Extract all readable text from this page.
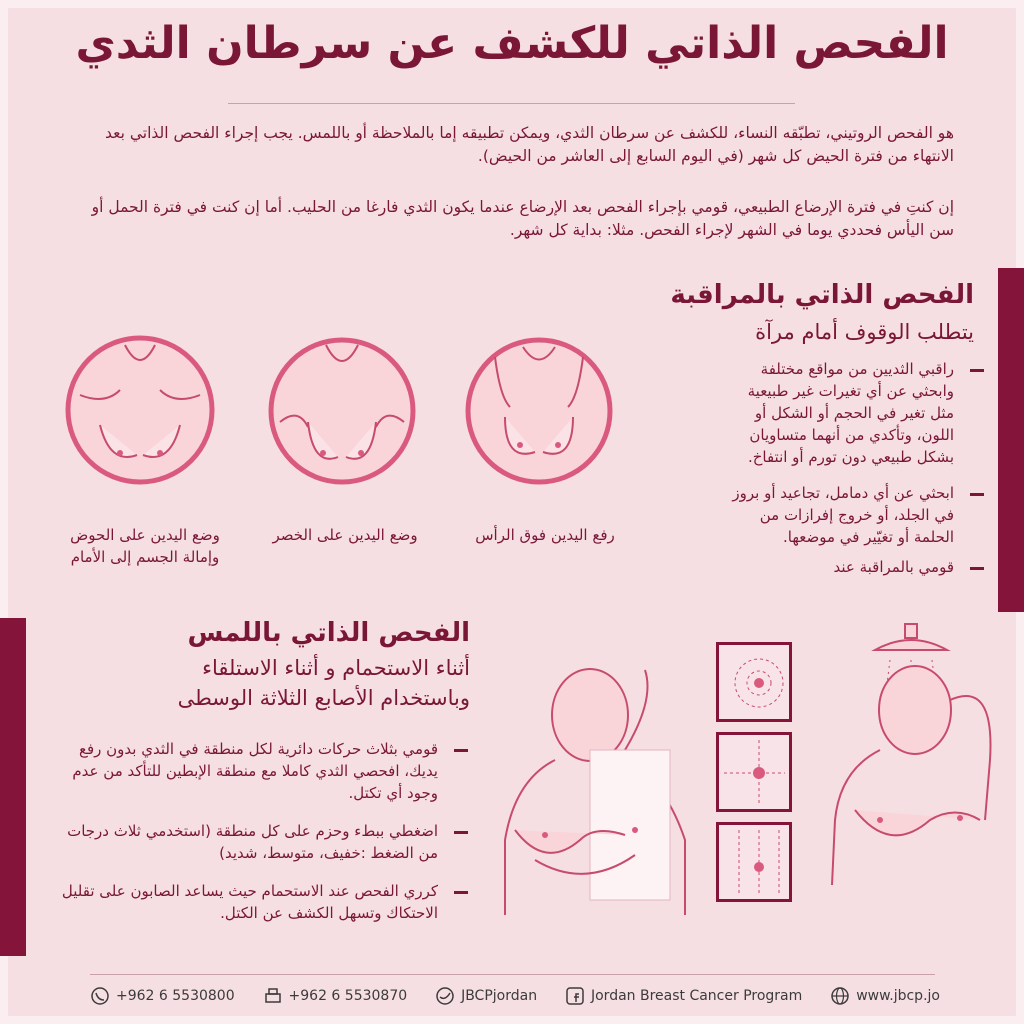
الفحص الذاتي للكشف عن سرطان الثدي
هو الفحص الروتيني، تطبّقه النساء، للكشف عن سرطان الثدي، ويمكن تطبيقه إما بالملاحظة أو باللمس. يجب إجراء الفحص الذاتي بعد الانتهاء من فترة الحيض كل شهر (في اليوم السابع إلى العاشر من الحيض).
إن كنتِ في فترة الإرضاع الطبيعي، قومي بإجراء الفحص بعد الإرضاع عندما يكون الثدي فارغا من الحليب. أما إن كنت في فترة الحمل أو سن اليأس فحددي يوما في الشهر لإجراء الفحص. مثلا: بداية كل شهر.
الفحص الذاتي بالمراقبة
يتطلب الوقوف أمام مرآة
راقبي الثديين من مواقع مختلفة وابحثي عن أي تغيرات غير طبيعية مثل تغير في الحجم أو الشكل أو اللون، وتأكدي من أنهما متساويان بشكل طبيعي دون تورم أو انتفاخ.
ابحثي عن أي دمامل، تجاعيد أو بروز في الجلد، أو خروج إفرازات من الحلمة أو تغيّير في موضعها.
قومي بالمراقبة عند
رفع اليدين فوق الرأس
وضع اليدين على الخصر
وضع اليدين على الحوض وإمالة الجسم إلى الأمام
الفحص الذاتي باللمس
أثناء الاستحمام و أثناء الاستلقاء
وباستخدام الأصابع الثلاثة الوسطى
قومي بثلاث حركات دائرية لكل منطقة في الثدي بدون رفع يديك، افحصي الثدي كاملا مع منطقة الإبطين للتأكد من عدم وجود أي تكتل.
اضغطي ببطء وحزم على كل منطقة (استخدمي ثلاث درجات من الضغط :خفيف، متوسط، شديد)
كرري الفحص عند الاستحمام حيث يساعد الصابون على تقليل الاحتكاك وتسهل الكشف عن الكتل.
+962 6 5530800	+962 6 5530870	JBCPjordan	Jordan Breast Cancer Program	www.jbcp.jo
